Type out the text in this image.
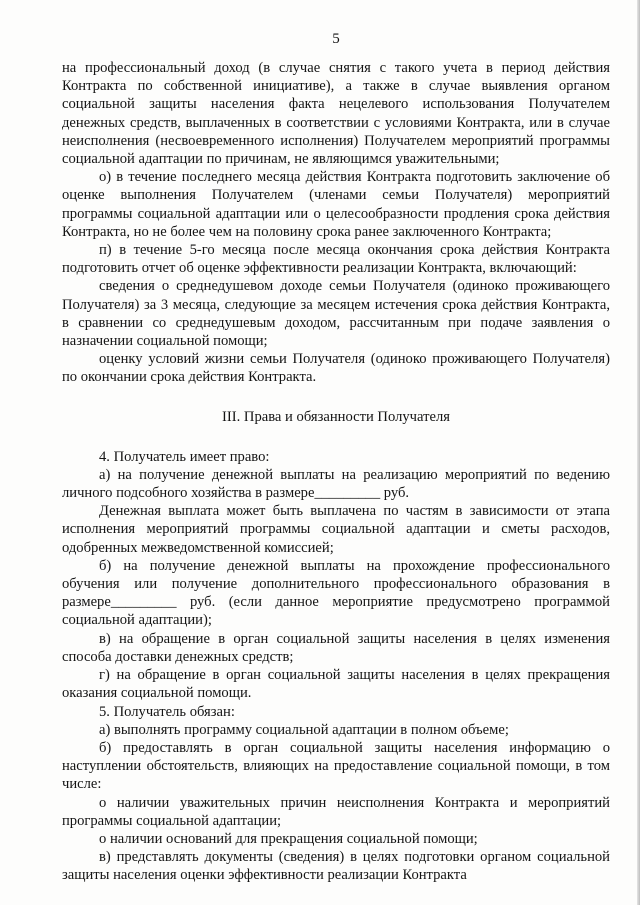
5

на профессиональный доход (в случае снятия с такого учета в период действия Контракта по собственной инициативе), а также в случае выявления органом социальной защиты населения факта нецелевого использования Получателем денежных средств, выплаченных в соответствии с условиями Контракта, или в случае неисполнения (несвоевременного исполнения) Получателем мероприятий программы социальной адаптации по причинам, не являющимся уважительными;

о) в течение последнего месяца действия Контракта подготовить заключение об оценке выполнения Получателем (членами семьи Получателя) мероприятий программы социальной адаптации или о целесообразности продления срока действия Контракта, но не более чем на половину срока ранее заключенного Контракта;

п) в течение 5-го месяца после месяца окончания срока действия Контракта подготовить отчет об оценке эффективности реализации Контракта, включающий:

сведения о среднедушевом доходе семьи Получателя (одиноко проживающего Получателя) за 3 месяца, следующие за месяцем истечения срока действия Контракта, в сравнении со среднедушевым доходом, рассчитанным при подаче заявления о назначении социальной помощи;

оценку условий жизни семьи Получателя (одиноко проживающего Получателя) по окончании срока действия Контракта.

III. Права и обязанности Получателя

4. Получатель имеет право:

а) на получение денежной выплаты на реализацию мероприятий по ведению личного подсобного хозяйства в размере_________ руб.

Денежная выплата может быть выплачена по частям в зависимости от этапа исполнения мероприятий программы социальной адаптации и сметы расходов, одобренных межведомственной комиссией;

б) на получение денежной выплаты на прохождение профессионального обучения или получение дополнительного профессионального образования в размере_________ руб. (если данное мероприятие предусмотрено программой социальной адаптации);

в) на обращение в орган социальной защиты населения в целях изменения способа доставки денежных средств;

г) на обращение в орган социальной защиты населения в целях прекращения оказания социальной помощи.

5. Получатель обязан:

а) выполнять программу социальной адаптации в полном объеме;

б) предоставлять в орган социальной защиты населения информацию о наступлении обстоятельств, влияющих на предоставление социальной помощи, в том числе:

о наличии уважительных причин неисполнения Контракта и мероприятий программы социальной адаптации;

о наличии оснований для прекращения социальной помощи;

в) представлять документы (сведения) в целях подготовки органом социальной защиты населения оценки эффективности реализации Контракта
